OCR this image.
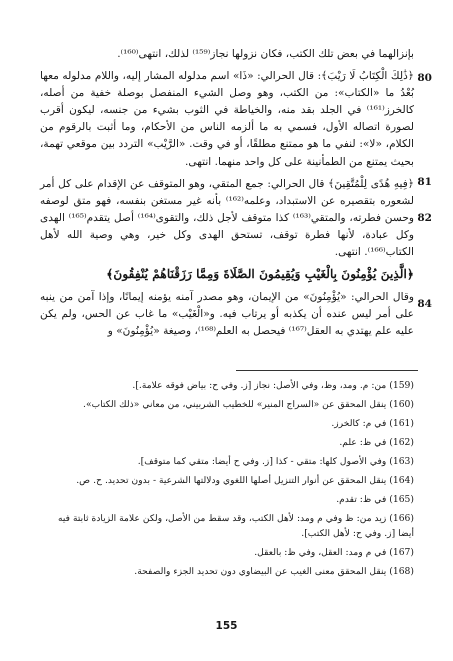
بإنزالهما في بعض تلك الكتب، فكان نزولها نجاز⁽¹⁵⁹⁾ لذلك، انتهى⁽¹⁶⁰⁾.

﴿ذَٰلِكَ الْكِتَابُ لَا رَيْبَ﴾: قال الحرالي: «ذَا» اسم مدلوله المشار إليه، واللام مدلوله معها بُعْدُ ما «الكتاب»: من الكتب، وهو وصل الشيء المنفصل بوصلة خفية من أصله، كالخرز⁽¹⁶¹⁾ في الجلد بقد منه، والخياطة في الثوب بشيء من جنسه، ليكون أقرب لصورة اتصاله الأول، فسمي به ما ألزمه الناس من الأحكام، وما أثبت بالرقوم من الكلام، «لا»: لنفي ما هو ممتنع مطلقًا، أو في وقت. «الرَّيْب» التردد بين موقعي تهمة، بحيث يمتنع من الطمأنينة على كل واحد منهما. انتهى.

﴿فِيهِ هُدًى لِلْمُتَّقِينَ﴾ قال الحرالي: جمع المتقي، وهو المتوقف عن الإقدام على كل أمر لشعوره بتقصيره عن الاستبداد، وعلمه⁽¹⁶²⁾ بأنه غير مستغن بنفسه، فهو متق لوصفه وحسن فطرته، والمتقي⁽¹⁶³⁾ كذا متوقف لأجل ذلك، والتقوى⁽¹⁶⁴⁾ أصل يتقدم⁽¹⁶⁵⁾ الهدى وكل عبادة، لأنها فطرة توقف، تستحق الهدى وكل خير، وهي وصية الله لأهل الكتاب⁽¹⁶⁶⁾. انتهى.

﴿الَّذِينَ يُؤْمِنُونَ بِالْغَيْبِ وَيُقِيمُونَ الصَّلَاةَ وَمِمَّا رَزَقْنَاهُمْ يُنْفِقُونَ﴾

وقال الحرالي: «يُؤْمِنُونَ» من الإيمان، وهو مصدر آمنه يؤمنه إيمانًا، وإذا آمن من ينبه على أمر ليس عنده أن يكذبه أو يرتاب فيه. و«الْغَيْب» ما غاب عن الحس، ولم يكن عليه علم يهتدي به العقل⁽¹⁶⁷⁾ فيحصل به العلم⁽¹⁶⁸⁾، وصيغة «يُؤْمِنُونَ» و

80
81
82
84

(159) من: م. ومد، وظ، وفي الأصل: نجاز [ز. وفي ح: بياض فوقه علامة.].

(160) ينقل المحقق عن «السراج المنير» للخطيب الشربيني، من معاني «ذلك الكتاب».

(161) في م: كالخرز.

(162) في ظ: علم.

(163) وفي الأصول كلها: متقي - كذا [ز. وفي ح أيضا: متقي كما متوقف].

(164) ينقل المحقق عن أنوار التنزيل أصلها اللغوي ودلالتها الشرعية - بدون تحديد. ح. ص.

(165) في ظ: تقدم.

(166) زيد من: ظ وفي م ومد: لأهل الكتب، وقد سقط من الأصل، ولكن علامة الزيادة ثابتة فيه أيضا [ز. وفي ح: لأهل الكتب].

(167) في م ومد: العقل، وفي ظ: بالعقل.

(168) ينقل المحقق معنى الغيب عن البيضاوي دون تحديد الجزء والصفحة.

155
